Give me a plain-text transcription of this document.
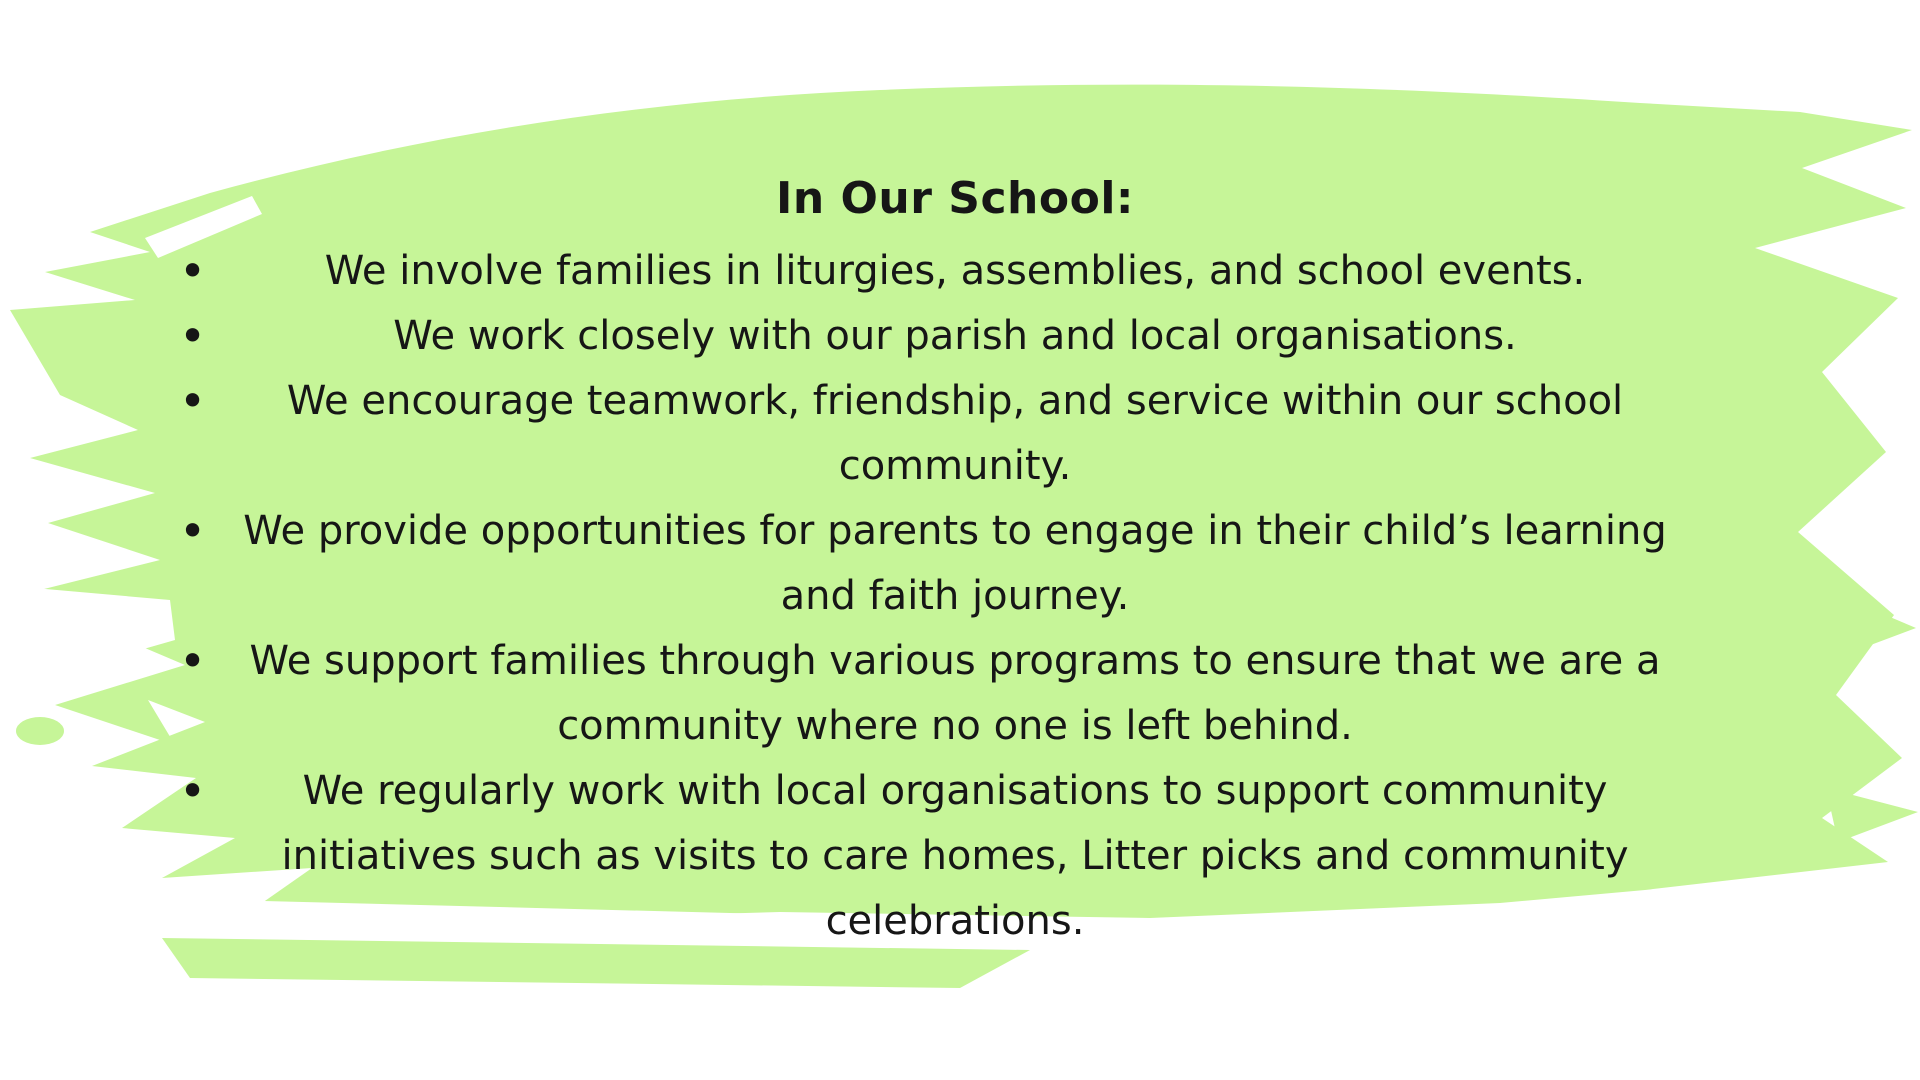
In Our School:
•	We involve families in liturgies, assemblies, and school events.
•	We work closely with our parish and local organisations.
•	We encourage teamwork, friendship, and service within our school community.
• We provide opportunities for parents to engage in their child’s learning and faith journey.
•	We support families through various programs to ensure that we are a community where no one is left behind.
•	We regularly work with local organisations to support community initiatives such as visits to care homes, Litter picks and community celebrations.
